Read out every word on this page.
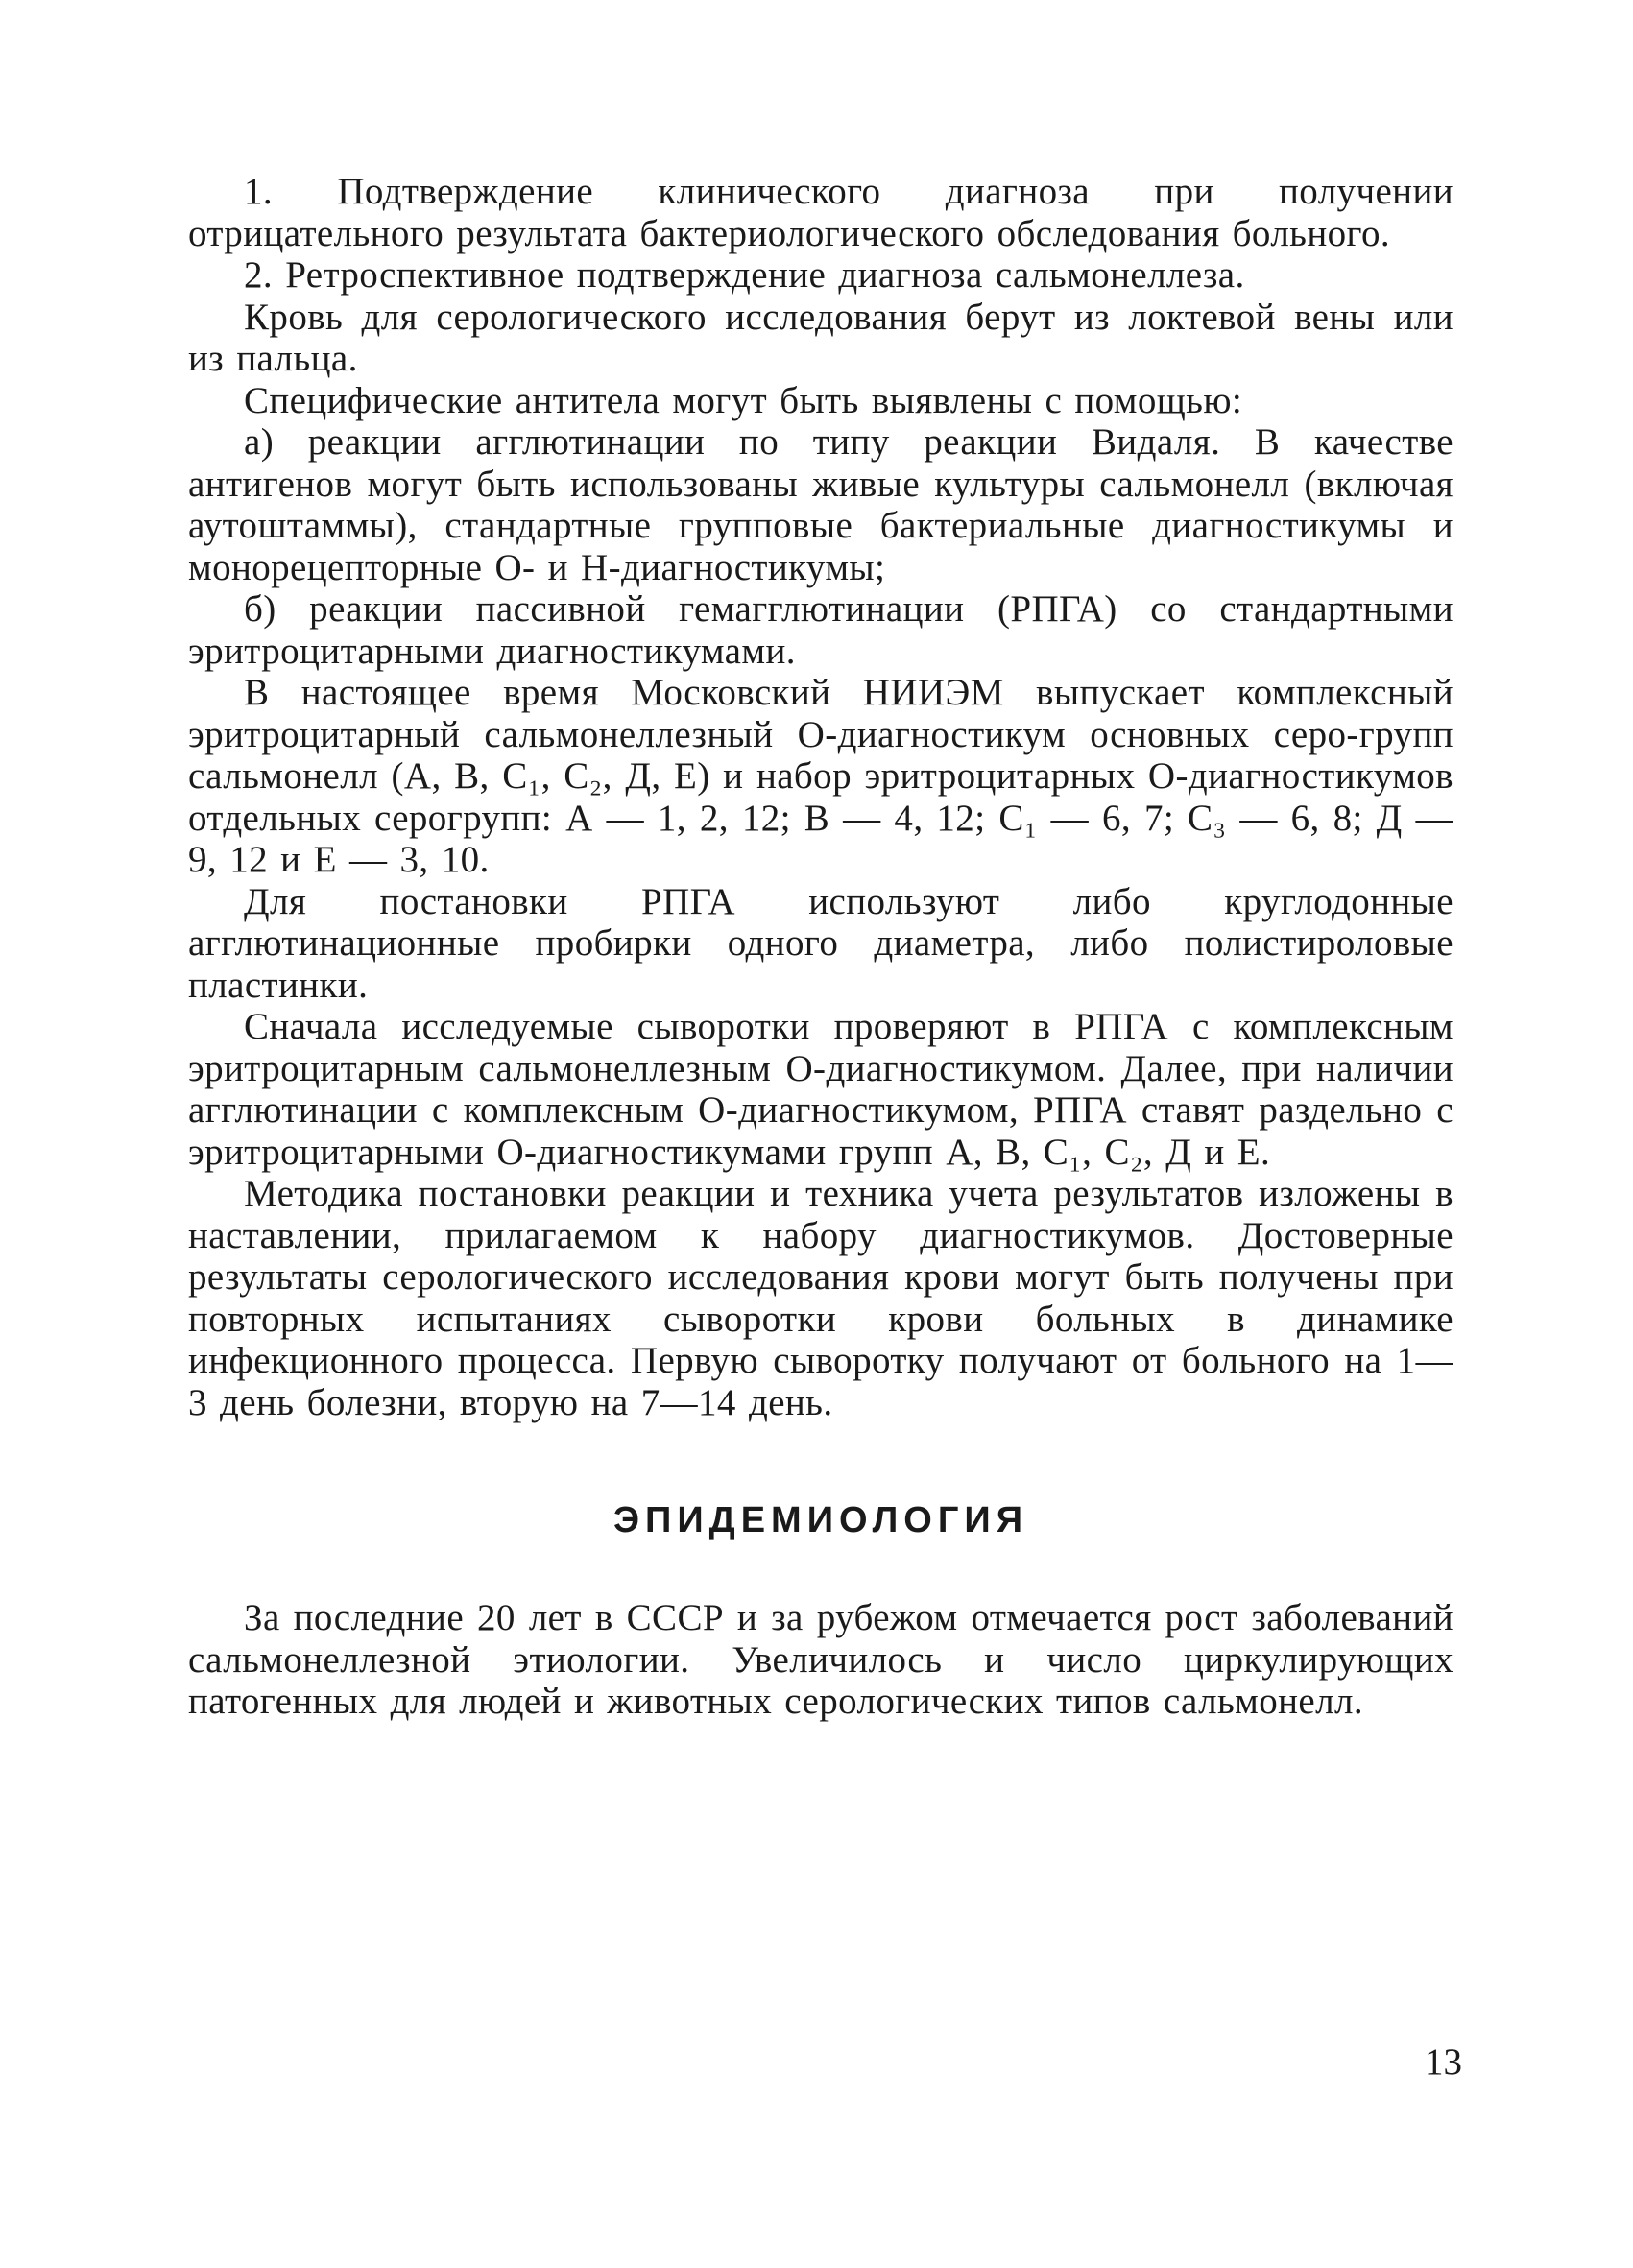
1. Подтверждение клинического диагноза при получении отрицательного результата бактериологического обследования больного.

2. Ретроспективное подтверждение диагноза сальмонеллеза.

Кровь для серологического исследования берут из локтевой вены или из пальца.

Специфические антитела могут быть выявлены с помощью:

а) реакции агглютинации по типу реакции Видаля. В качестве антигенов могут быть использованы живые культуры сальмонелл (включая аутоштаммы), стандартные групповые бактериальные диагностикумы и монорецепторные О- и Н-диагностикумы;

б) реакции пассивной гемагглютинации (РПГА) со стандартными эритроцитарными диагностикумами.

В настоящее время Московский НИИЭМ выпускает комплексный эритроцитарный сальмонеллезный О-диагностикум основных серо-групп сальмонелл (А, В, С₁, С₂, Д, Е) и набор эритроцитарных О-диагностикумов отдельных серогрупп: А — 1, 2, 12; В — 4, 12; С₁ — 6, 7; С₃ — 6, 8; Д — 9, 12 и Е — 3, 10.

Для постановки РПГА используют либо круглодонные агглютинационные пробирки одного диаметра, либо полистироловые пластинки.

Сначала исследуемые сыворотки проверяют в РПГА с комплексным эритроцитарным сальмонеллезным О-диагностикумом. Далее, при наличии агглютинации с комплексным О-диагностикумом, РПГА ставят раздельно с эритроцитарными О-диагностикумами групп А, В, С₁, С₂, Д и Е.

Методика постановки реакции и техника учета результатов изложены в наставлении, прилагаемом к набору диагностикумов. Достоверные результаты серологического исследования крови могут быть получены при повторных испытаниях сыворотки крови больных в динамике инфекционного процесса. Первую сыворотку получают от больного на 1—3 день болезни, вторую на 7—14 день.

ЭПИДЕМИОЛОГИЯ

За последние 20 лет в СССР и за рубежом отмечается рост заболеваний сальмонеллезной этиологии. Увеличилось и число циркулирующих патогенных для людей и животных серологических типов сальмонелл.

13
